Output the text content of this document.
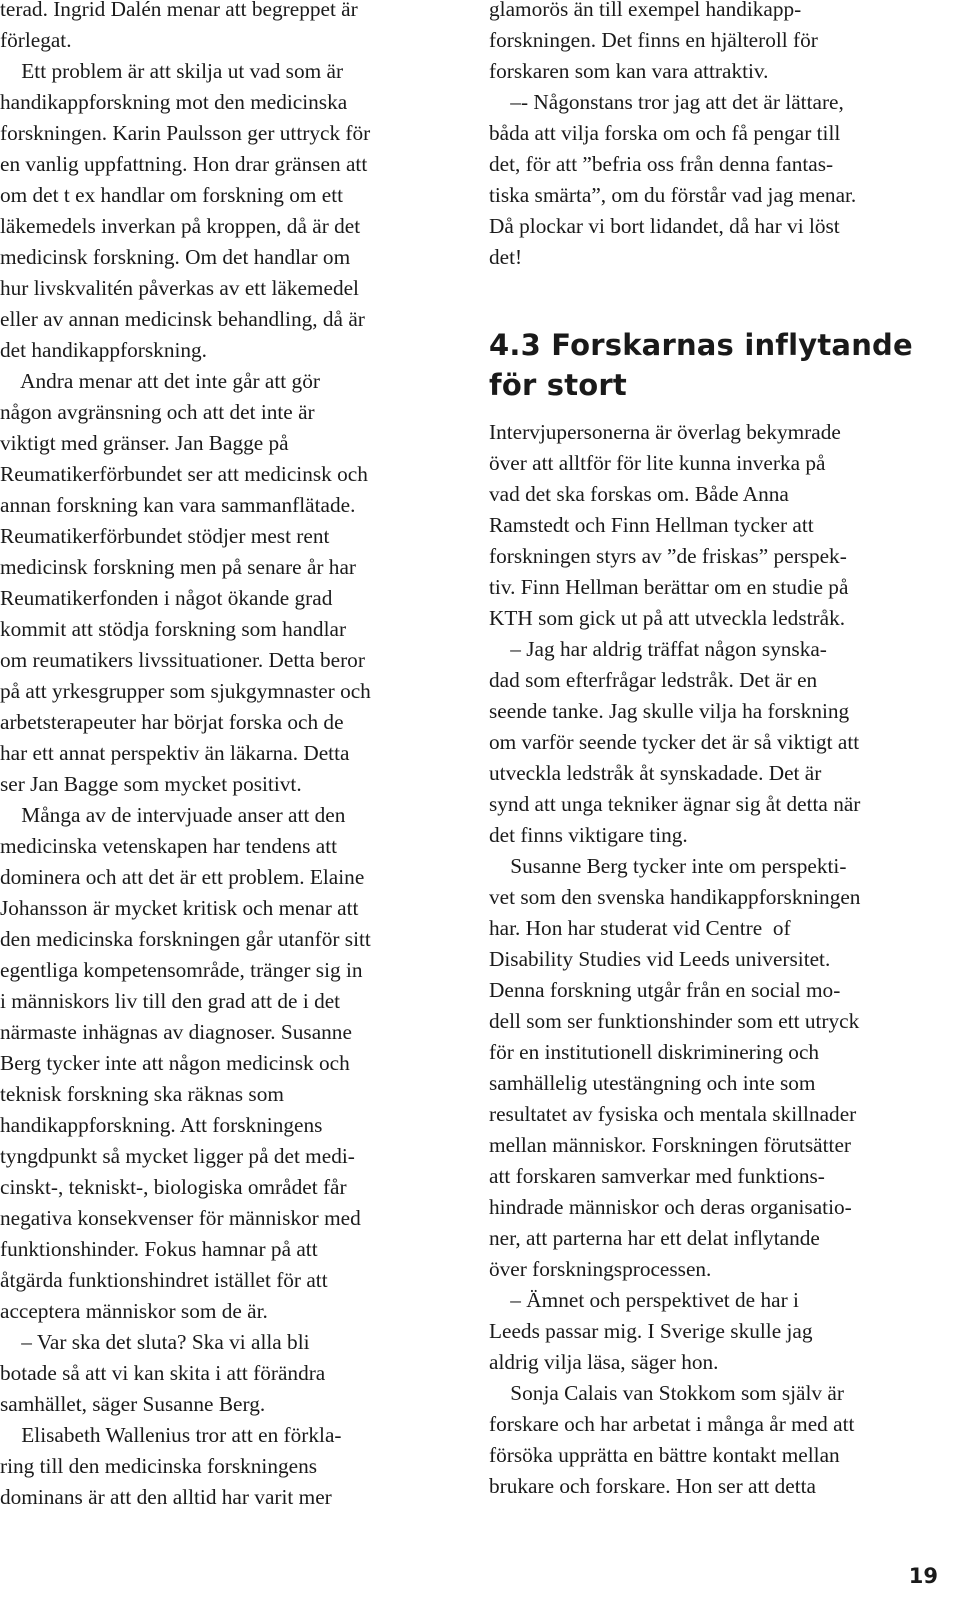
terad. Ingrid Dalén menar att begreppet är
förlegat.
Ett problem är att skilja ut vad som är
handikappforskning mot den medicinska
forskningen. Karin Paulsson ger uttryck för
en vanlig uppfattning. Hon drar gränsen att
om det t ex handlar om forskning om ett
läkemedels inverkan på kroppen, då är det
medicinsk forskning. Om det handlar om
hur livskvalitén påverkas av ett läkemedel
eller av annan medicinsk behandling, då är
det handikappforskning.
Andra menar att det inte går att gör
någon avgränsning och att det inte är
viktigt med gränser. Jan Bagge på
Reumatikerförbundet ser att medicinsk och
annan forskning kan vara sammanflätade.
Reumatikerförbundet stödjer mest rent
medicinsk forskning men på senare år har
Reumatikerfonden i något ökande grad
kommit att stödja forskning som handlar
om reumatikers livssituationer. Detta beror
på att yrkesgrupper som sjukgymnaster och
arbetsterapeuter har börjat forska och de
har ett annat perspektiv än läkarna. Detta
ser Jan Bagge som mycket positivt.
Många av de intervjuade anser att den
medicinska vetenskapen har tendens att
dominera och att det är ett problem. Elaine
Johansson är mycket kritisk och menar att
den medicinska forskningen går utanför sitt
egentliga kompetensområde, tränger sig in
i människors liv till den grad att de i det
närmaste inhägnas av diagnoser. Susanne
Berg tycker inte att någon medicinsk och
teknisk forskning ska räknas som
handikappforskning. Att forskningens
tyngdpunkt så mycket ligger på det medi-
cinskt-, tekniskt-, biologiska området får
negativa konsekvenser för människor med
funktionshinder. Fokus hamnar på att
åtgärda funktionshindret istället för att
acceptera människor som de är.
– Var ska det sluta? Ska vi alla bli
botade så att vi kan skita i att förändra
samhället, säger Susanne Berg.
Elisabeth Wallenius tror att en förkla-
ring till den medicinska forskningens
dominans är att den alltid har varit mer
glamorös än till exempel handikapp-
forskningen. Det finns en hjälteroll för
forskaren som kan vara attraktiv.
–- Någonstans tror jag att det är lättare,
båda att vilja forska om och få pengar till
det, för att ”befria oss från denna fantas-
tiska smärta”, om du förstår vad jag menar.
Då plockar vi bort lidandet, då har vi löst
det!
4.3 Forskarnas inflytande
för stort
Intervjupersonerna är överlag bekymrade
över att alltför för lite kunna inverka på
vad det ska forskas om. Både Anna
Ramstedt och Finn Hellman tycker att
forskningen styrs av ”de friskas” perspek-
tiv. Finn Hellman berättar om en studie på
KTH som gick ut på att utveckla ledstråk.
– Jag har aldrig träffat någon synska-
dad som efterfrågar ledstråk. Det är en
seende tanke. Jag skulle vilja ha forskning
om varför seende tycker det är så viktigt att
utveckla ledstråk åt synskadade. Det är
synd att unga tekniker ägnar sig åt detta när
det finns viktigare ting.
Susanne Berg tycker inte om perspekti-
vet som den svenska handikappforskningen
har. Hon har studerat vid Centre  of
Disability Studies vid Leeds universitet.
Denna forskning utgår från en social mo-
dell som ser funktionshinder som ett utryck
för en institutionell diskriminering och
samhällelig utestängning och inte som
resultatet av fysiska och mentala skillnader
mellan människor. Forskningen förutsätter
att forskaren samverkar med funktions-
hindrade människor och deras organisatio-
ner, att parterna har ett delat inflytande
över forskningsprocessen.
– Ämnet och perspektivet de har i
Leeds passar mig. I Sverige skulle jag
aldrig vilja läsa, säger hon.
Sonja Calais van Stokkom som själv är
forskare och har arbetat i många år med att
försöka upprätta en bättre kontakt mellan
brukare och forskare. Hon ser att detta
19
